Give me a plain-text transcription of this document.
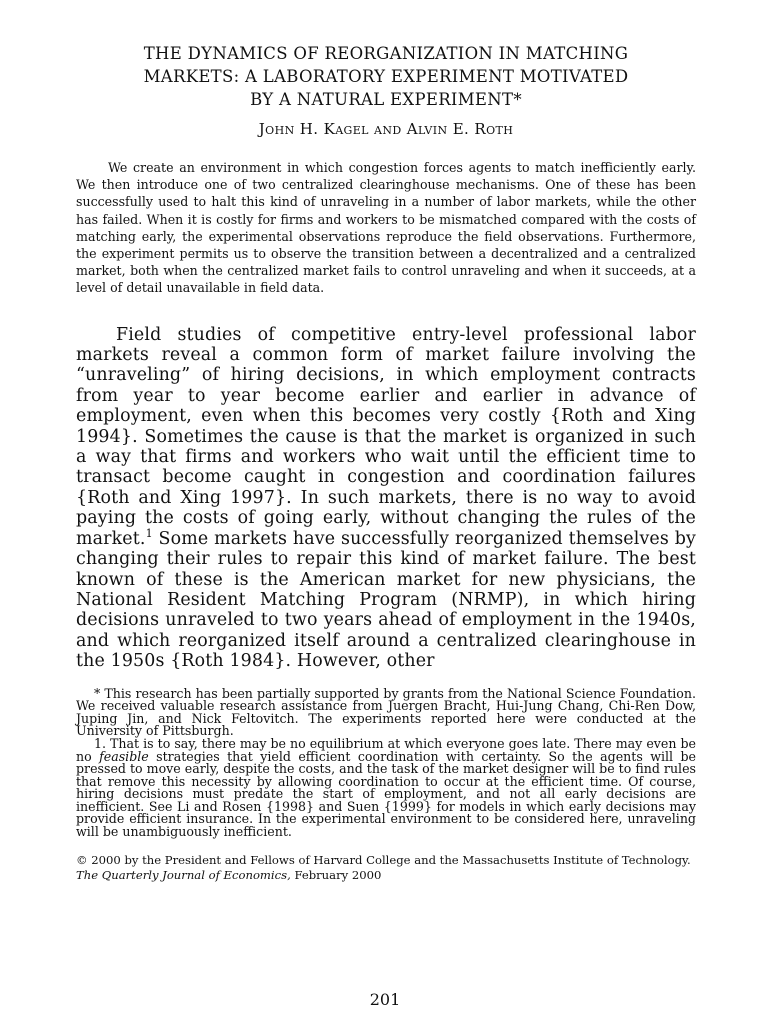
THE DYNAMICS OF REORGANIZATION IN MATCHING
MARKETS: A LABORATORY EXPERIMENT MOTIVATED
BY A NATURAL EXPERIMENT*
John H. Kagel and Alvin E. Roth

We create an environment in which congestion forces agents to match inefficiently early. We then introduce one of two centralized clearinghouse mechanisms. One of these has been successfully used to halt this kind of unraveling in a number of labor markets, while the other has failed. When it is costly for firms and workers to be mismatched compared with the costs of matching early, the experimental observations reproduce the field observations. Furthermore, the experiment permits us to observe the transition between a decentralized and a centralized market, both when the centralized market fails to control unraveling and when it succeeds, at a level of detail unavailable in field data.

Field studies of competitive entry-level professional labor markets reveal a common form of market failure involving the “unraveling” of hiring decisions, in which employment contracts from year to year become earlier and earlier in advance of employment, even when this becomes very costly {Roth and Xing 1994}. Sometimes the cause is that the market is organized in such a way that firms and workers who wait until the efficient time to transact become caught in congestion and coordination failures {Roth and Xing 1997}. In such markets, there is no way to avoid paying the costs of going early, without changing the rules of the market.$^1$ Some markets have successfully reorganized themselves by changing their rules to repair this kind of market failure. The best known of these is the American market for new physicians, the National Resident Matching Program (NRMP), in which hiring decisions unraveled to two years ahead of employment in the 1940s, and which reorganized itself around a centralized clearinghouse in the 1950s {Roth 1984}. However, other

* This research has been partially supported by grants from the National Science Foundation. We received valuable research assistance from Juergen Bracht, Hui-Jung Chang, Chi-Ren Dow, Juping Jin, and Nick Feltovitch. The experiments reported here were conducted at the University of Pittsburgh.

1. That is to say, there may be no equilibrium at which everyone goes late. There may even be no feasible strategies that yield efficient coordination with certainty. So the agents will be pressed to move early, despite the costs, and the task of the market designer will be to find rules that remove this necessity by allowing coordination to occur at the efficient time. Of course, hiring decisions must predate the start of employment, and not all early decisions are inefficient. See Li and Rosen {1998} and Suen {1999} for models in which early decisions may provide efficient insurance. In the experimental environment to be considered here, unraveling will be unambiguously inefficient.

© 2000 by the President and Fellows of Harvard College and the Massachusetts Institute of Technology.

The Quarterly Journal of Economics, February 2000

201
